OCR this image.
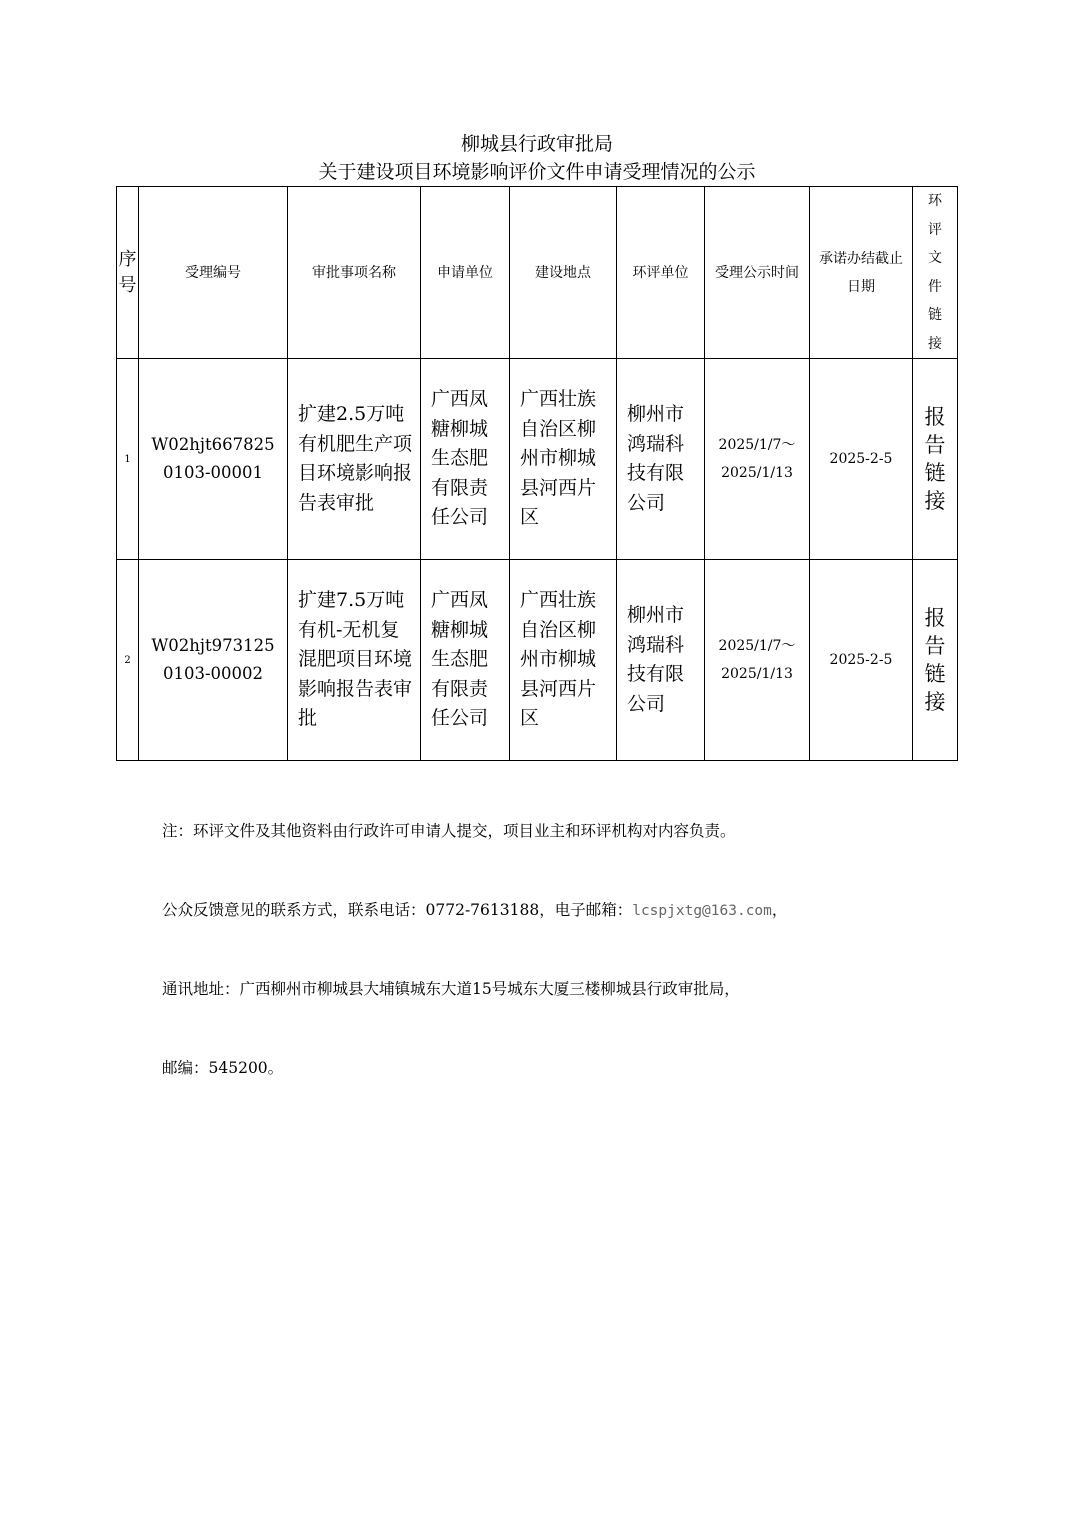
柳城县行政审批局
关于建设项目环境影响评价文件申请受理情况的公示
序号	受理编号	审批事项名称	申请单位	建设地点	环评单位	受理公示时间	承诺办结截止日期	环评文件链接

1	W02hjt6678250103-00001	扩建2.5万吨有机肥生产项目环境影响报告表审批	广西凤糖柳城生态肥有限责任公司	广西壮族自治区柳州市柳城县河西片区	柳州市鸿瑞科技有限公司	2025/1/7～2025/1/13	2025-2-5	报告链接

2	W02hjt9731250103-00002	扩建7.5万吨有机-无机复混肥项目环境影响报告表审批	广西凤糖柳城生态肥有限责任公司	广西壮族自治区柳州市柳城县河西片区	柳州市鸿瑞科技有限公司	2025/1/7～2025/1/13	2025-2-5	报告链接
注：环评文件及其他资料由行政许可申请人提交，项目业主和环评机构对内容负责。
公众反馈意见的联系方式，联系电话：0772-7613188，电子邮箱：lcspjxtg@163.com，
通讯地址：广西柳州市柳城县大埔镇城东大道15号城东大厦三楼柳城县行政审批局，
邮编：545200。
